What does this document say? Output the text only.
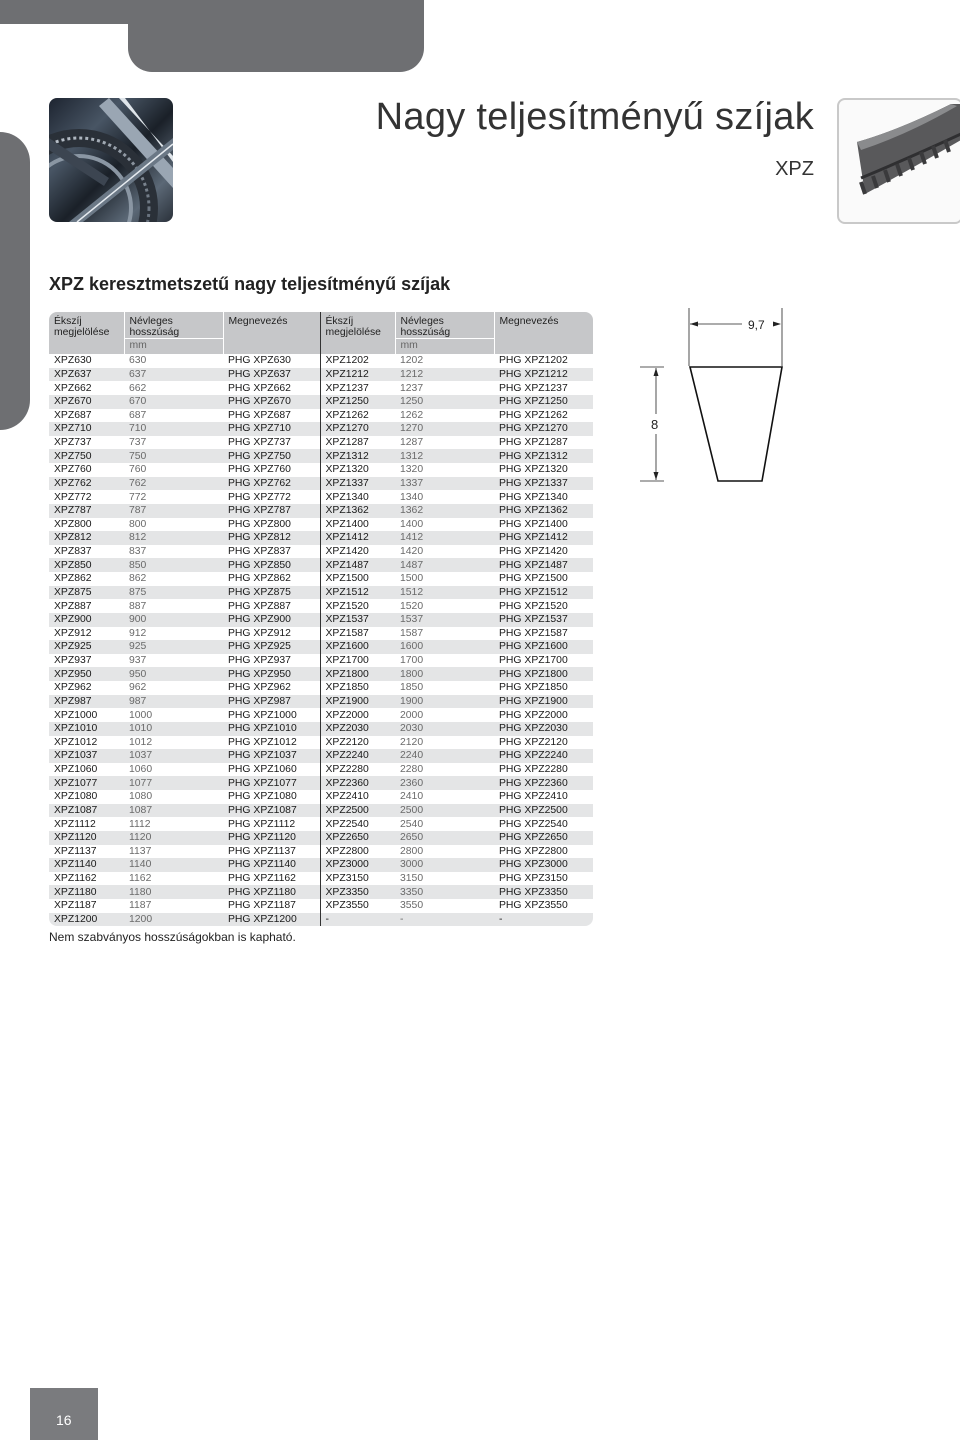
Nagy teljesítményű szíjak
XPZ
XPZ keresztmetszetű nagy teljesítményű szíjak
Ékszíj megjelölése	Névleges hosszúság	Megnevezés	Ékszíj megjelölése	Névleges hosszúság	Megnevezés
	mm			mm	
XPZ630	630	PHG XPZ630	XPZ1202	1202	PHG XPZ1202
XPZ637	637	PHG XPZ637	XPZ1212	1212	PHG XPZ1212
XPZ662	662	PHG XPZ662	XPZ1237	1237	PHG XPZ1237
XPZ670	670	PHG XPZ670	XPZ1250	1250	PHG XPZ1250
XPZ687	687	PHG XPZ687	XPZ1262	1262	PHG XPZ1262
XPZ710	710	PHG XPZ710	XPZ1270	1270	PHG XPZ1270
XPZ737	737	PHG XPZ737	XPZ1287	1287	PHG XPZ1287
XPZ750	750	PHG XPZ750	XPZ1312	1312	PHG XPZ1312
XPZ760	760	PHG XPZ760	XPZ1320	1320	PHG XPZ1320
XPZ762	762	PHG XPZ762	XPZ1337	1337	PHG XPZ1337
XPZ772	772	PHG XPZ772	XPZ1340	1340	PHG XPZ1340
XPZ787	787	PHG XPZ787	XPZ1362	1362	PHG XPZ1362
XPZ800	800	PHG XPZ800	XPZ1400	1400	PHG XPZ1400
XPZ812	812	PHG XPZ812	XPZ1412	1412	PHG XPZ1412
XPZ837	837	PHG XPZ837	XPZ1420	1420	PHG XPZ1420
XPZ850	850	PHG XPZ850	XPZ1487	1487	PHG XPZ1487
XPZ862	862	PHG XPZ862	XPZ1500	1500	PHG XPZ1500
XPZ875	875	PHG XPZ875	XPZ1512	1512	PHG XPZ1512
XPZ887	887	PHG XPZ887	XPZ1520	1520	PHG XPZ1520
XPZ900	900	PHG XPZ900	XPZ1537	1537	PHG XPZ1537
XPZ912	912	PHG XPZ912	XPZ1587	1587	PHG XPZ1587
XPZ925	925	PHG XPZ925	XPZ1600	1600	PHG XPZ1600
XPZ937	937	PHG XPZ937	XPZ1700	1700	PHG XPZ1700
XPZ950	950	PHG XPZ950	XPZ1800	1800	PHG XPZ1800
XPZ962	962	PHG XPZ962	XPZ1850	1850	PHG XPZ1850
XPZ987	987	PHG XPZ987	XPZ1900	1900	PHG XPZ1900
XPZ1000	1000	PHG XPZ1000	XPZ2000	2000	PHG XPZ2000
XPZ1010	1010	PHG XPZ1010	XPZ2030	2030	PHG XPZ2030
XPZ1012	1012	PHG XPZ1012	XPZ2120	2120	PHG XPZ2120
XPZ1037	1037	PHG XPZ1037	XPZ2240	2240	PHG XPZ2240
XPZ1060	1060	PHG XPZ1060	XPZ2280	2280	PHG XPZ2280
XPZ1077	1077	PHG XPZ1077	XPZ2360	2360	PHG XPZ2360
XPZ1080	1080	PHG XPZ1080	XPZ2410	2410	PHG XPZ2410
XPZ1087	1087	PHG XPZ1087	XPZ2500	2500	PHG XPZ2500
XPZ1112	1112	PHG XPZ1112	XPZ2540	2540	PHG XPZ2540
XPZ1120	1120	PHG XPZ1120	XPZ2650	2650	PHG XPZ2650
XPZ1137	1137	PHG XPZ1137	XPZ2800	2800	PHG XPZ2800
XPZ1140	1140	PHG XPZ1140	XPZ3000	3000	PHG XPZ3000
XPZ1162	1162	PHG XPZ1162	XPZ3150	3150	PHG XPZ3150
XPZ1180	1180	PHG XPZ1180	XPZ3350	3350	PHG XPZ3350
XPZ1187	1187	PHG XPZ1187	XPZ3550	3550	PHG XPZ3550
XPZ1200	1200	PHG XPZ1200	-	-	-
Nem szabványos hosszúságokban is kapható.
9,7
8
16
